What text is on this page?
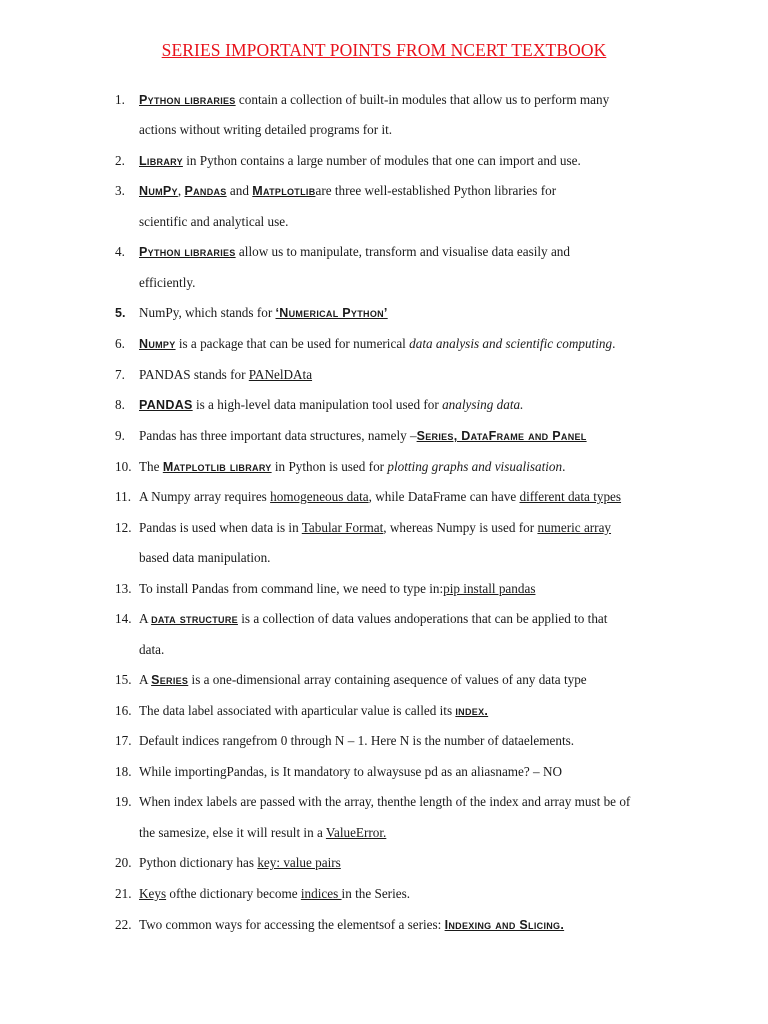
SERIES IMPORTANT POINTS FROM NCERT TEXTBOOK
1.	Python libraries contain a collection of built-in modules that allow us to perform many
actions without writing detailed programs for it.
2.	Library in Python contains a large number of modules that one can import and use.
3.	NumPy, Pandas and Matplotlibare three well-established Python libraries for
scientific and analytical use.
4.	Python libraries allow us to manipulate, transform and visualise data easily and
efficiently.
5.	NumPy, which stands for ‘Numerical Python’
6.	Numpy is a package that can be used for numerical data analysis and scientific computing.
7.	PANDAS stands for PANelDAta
8.	PANDAS is a high-level data manipulation tool used for analysing data.
9.	Pandas has three important data structures, namely –Series, DataFrame and Panel
10. The Matplotlib library in Python is used for plotting graphs and visualisation.
11. A Numpy array requires homogeneous data, while DataFrame can have different data types
12. Pandas is used when data is in Tabular Format, whereas Numpy is used for numeric array
based data manipulation.
13. To install Pandas from command line, we need to type in:pip install pandas
14. A data structure is a collection of data values andoperations that can be applied to that
data.
15. A Series is a one-dimensional array containing asequence of values of any data type
16. The data label associated with aparticular value is called its index.
17. Default indices rangefrom 0 through N – 1. Here N is the number of dataelements.
18. While importingPandas, is It mandatory to alwaysuse pd as an aliasname? – NO
19. When index labels are passed with the array, thenthe length of the index and array must be of
the samesize, else it will result in a ValueError.
20. Python dictionary has key: value pairs
21. Keys ofthe dictionary become indices in the Series.
22. Two common ways for accessing the elementsof a series: Indexing and Slicing.
